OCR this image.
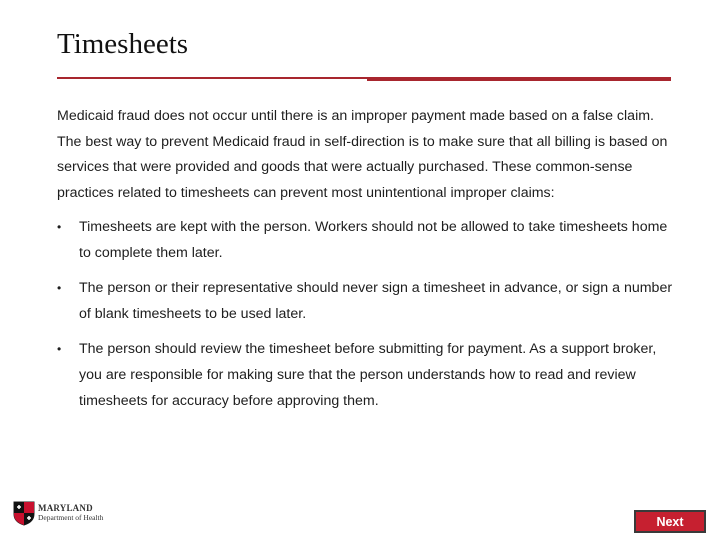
Timesheets

Medicaid fraud does not occur until there is an improper payment made based on a false claim. The best way to prevent Medicaid fraud in self-direction is to make sure that all billing is based on services that were provided and goods that were actually purchased. These common-sense practices related to timesheets can prevent most unintentional improper claims:

• Timesheets are kept with the person. Workers should not be allowed to take timesheets home to complete them later.
• The person or their representative should never sign a timesheet in advance, or sign a number of blank timesheets to be used later.
• The person should review the timesheet before submitting for payment. As a support broker, you are responsible for making sure that the person understands how to read and review timesheets for accuracy before approving them.
MARYLAND
Department of Health	Next
